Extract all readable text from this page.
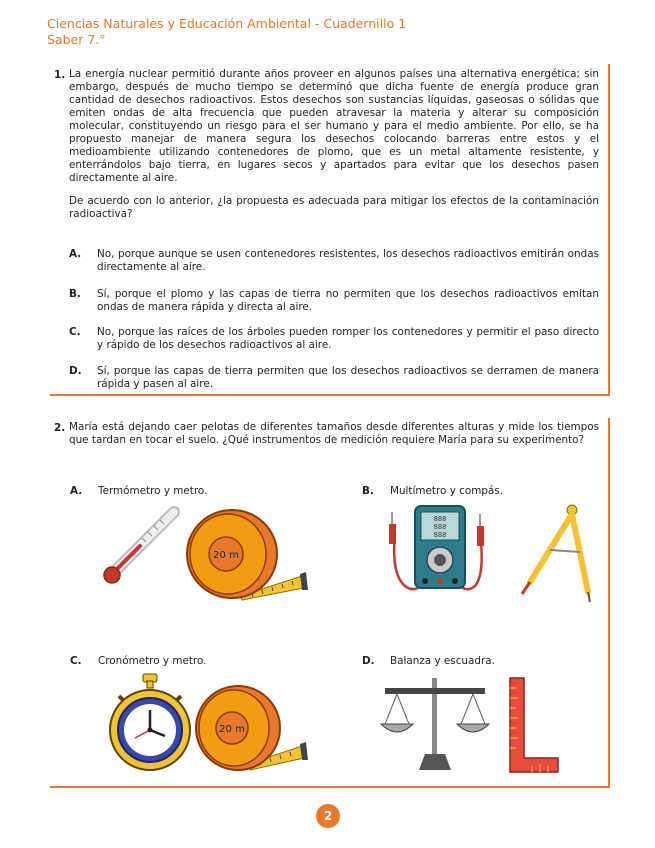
Ciencias Naturales y Educación Ambiental - Cuadernillo 1
Saber 7.°
1. La energía nuclear permitió durante años proveer en algunos países una alternativa energética; sin embargo, después de mucho tiempo se determinó que dicha fuente de energía produce gran cantidad de desechos radioactivos. Estos desechos son sustancias líquidas, gaseosas o sólidas que emiten ondas de alta frecuencia que pueden atravesar la materia y alterar su composición molecular, constituyendo un riesgo para el ser humano y para el medio ambiente. Por ello, se ha propuesto manejar de manera segura los desechos colocando barreras entre estos y el medioambiente utilizando contenedores de plomo, que es un metal altamente resistente, y enterrándolos bajo tierra, en lugares secos y apartados para evitar que los desechos pasen directamente al aire.
De acuerdo con lo anterior, ¿la propuesta es adecuada para mitigar los efectos de la contaminación radioactiva?
A. No, porque aunque se usen contenedores resistentes, los desechos radioactivos emitirán ondas directamente al aire.
B. Sí, porque el plomo y las capas de tierra no permiten que los desechos radioactivos emitan ondas de manera rápida y directa al aire.
C. No, porque las raíces de los árboles pueden romper los contenedores y permitir el paso directo y rápido de los desechos radioactivos al aire.
D. Sí, porque las capas de tierra permiten que los desechos radioactivos se derramen de manera rápida y pasen al aire.
2. María está dejando caer pelotas de diferentes tamaños desde diferentes alturas y mide los tiempos que tardan en tocar el suelo. ¿Qué instrumentos de medición requiere María para su experimento?
A. Termómetro y metro.	B. Multímetro y compás.
C. Cronómetro y metro.	D. Balanza y escuadra.
20 m
888
888
888
20 m
2
